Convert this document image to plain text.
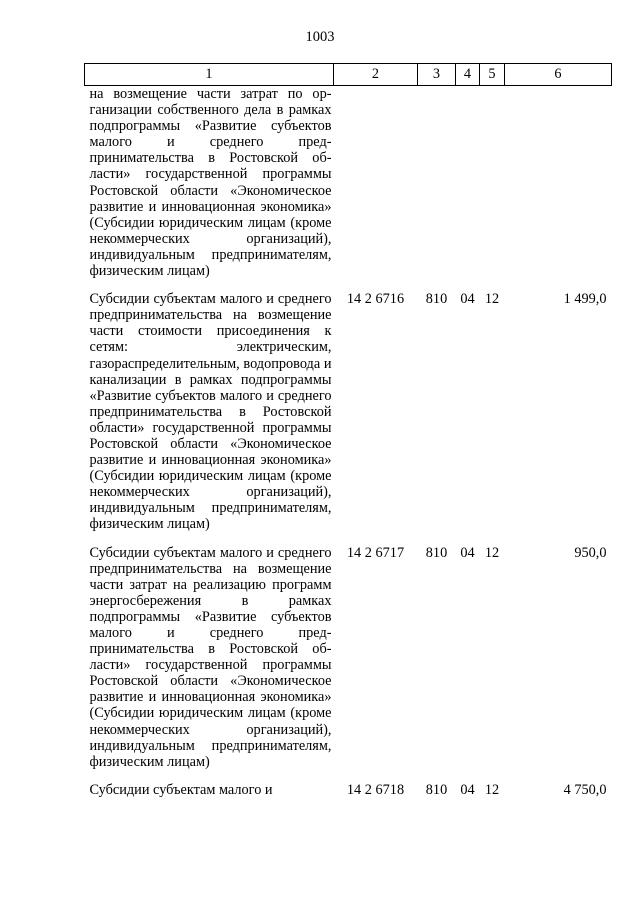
1003
1	2	3	4	5	6
на возмещение части затрат по организации собственного дела в рамках подпрограммы «Развитие субъектов малого и среднего предпринимательства в Ростовской области» государственной программы Ростовской области «Экономическое развитие и инновационная экономика» (Субсидии юридическим лицам (кроме некоммерческих организаций), индивидуальным предпринимателям, физическим лицам)					
Субсидии субъектам малого и среднего предпринимательства на возмещение части стоимости присоединения к сетям: электрическим, газораспределительным, водопровода и канализации в рамках подпрограммы «Развитие субъектов малого и среднего предпринимательства в Ростовской области» государственной программы Ростовской области «Экономическое развитие и инновационная экономика» (Субсидии юридическим лицам (кроме некоммерческих организаций), индивидуальным предпринимателям, физическим лицам)	14 2 6716	810	04	12	1 499,0
Субсидии субъектам малого и среднего предпринимательства на возмещение части затрат на реализацию программ энергосбережения в рамках подпрограммы «Развитие субъектов малого и среднего предпринимательства в Ростовской области» государственной программы Ростовской области «Экономическое развитие и инновационная экономика» (Субсидии юридическим лицам (кроме некоммерческих организаций), индивидуальным предпринимателям, физическим лицам)	14 2 6717	810	04	12	950,0
Субсидии субъектам малого и	14 2 6718	810	04	12	4 750,0
